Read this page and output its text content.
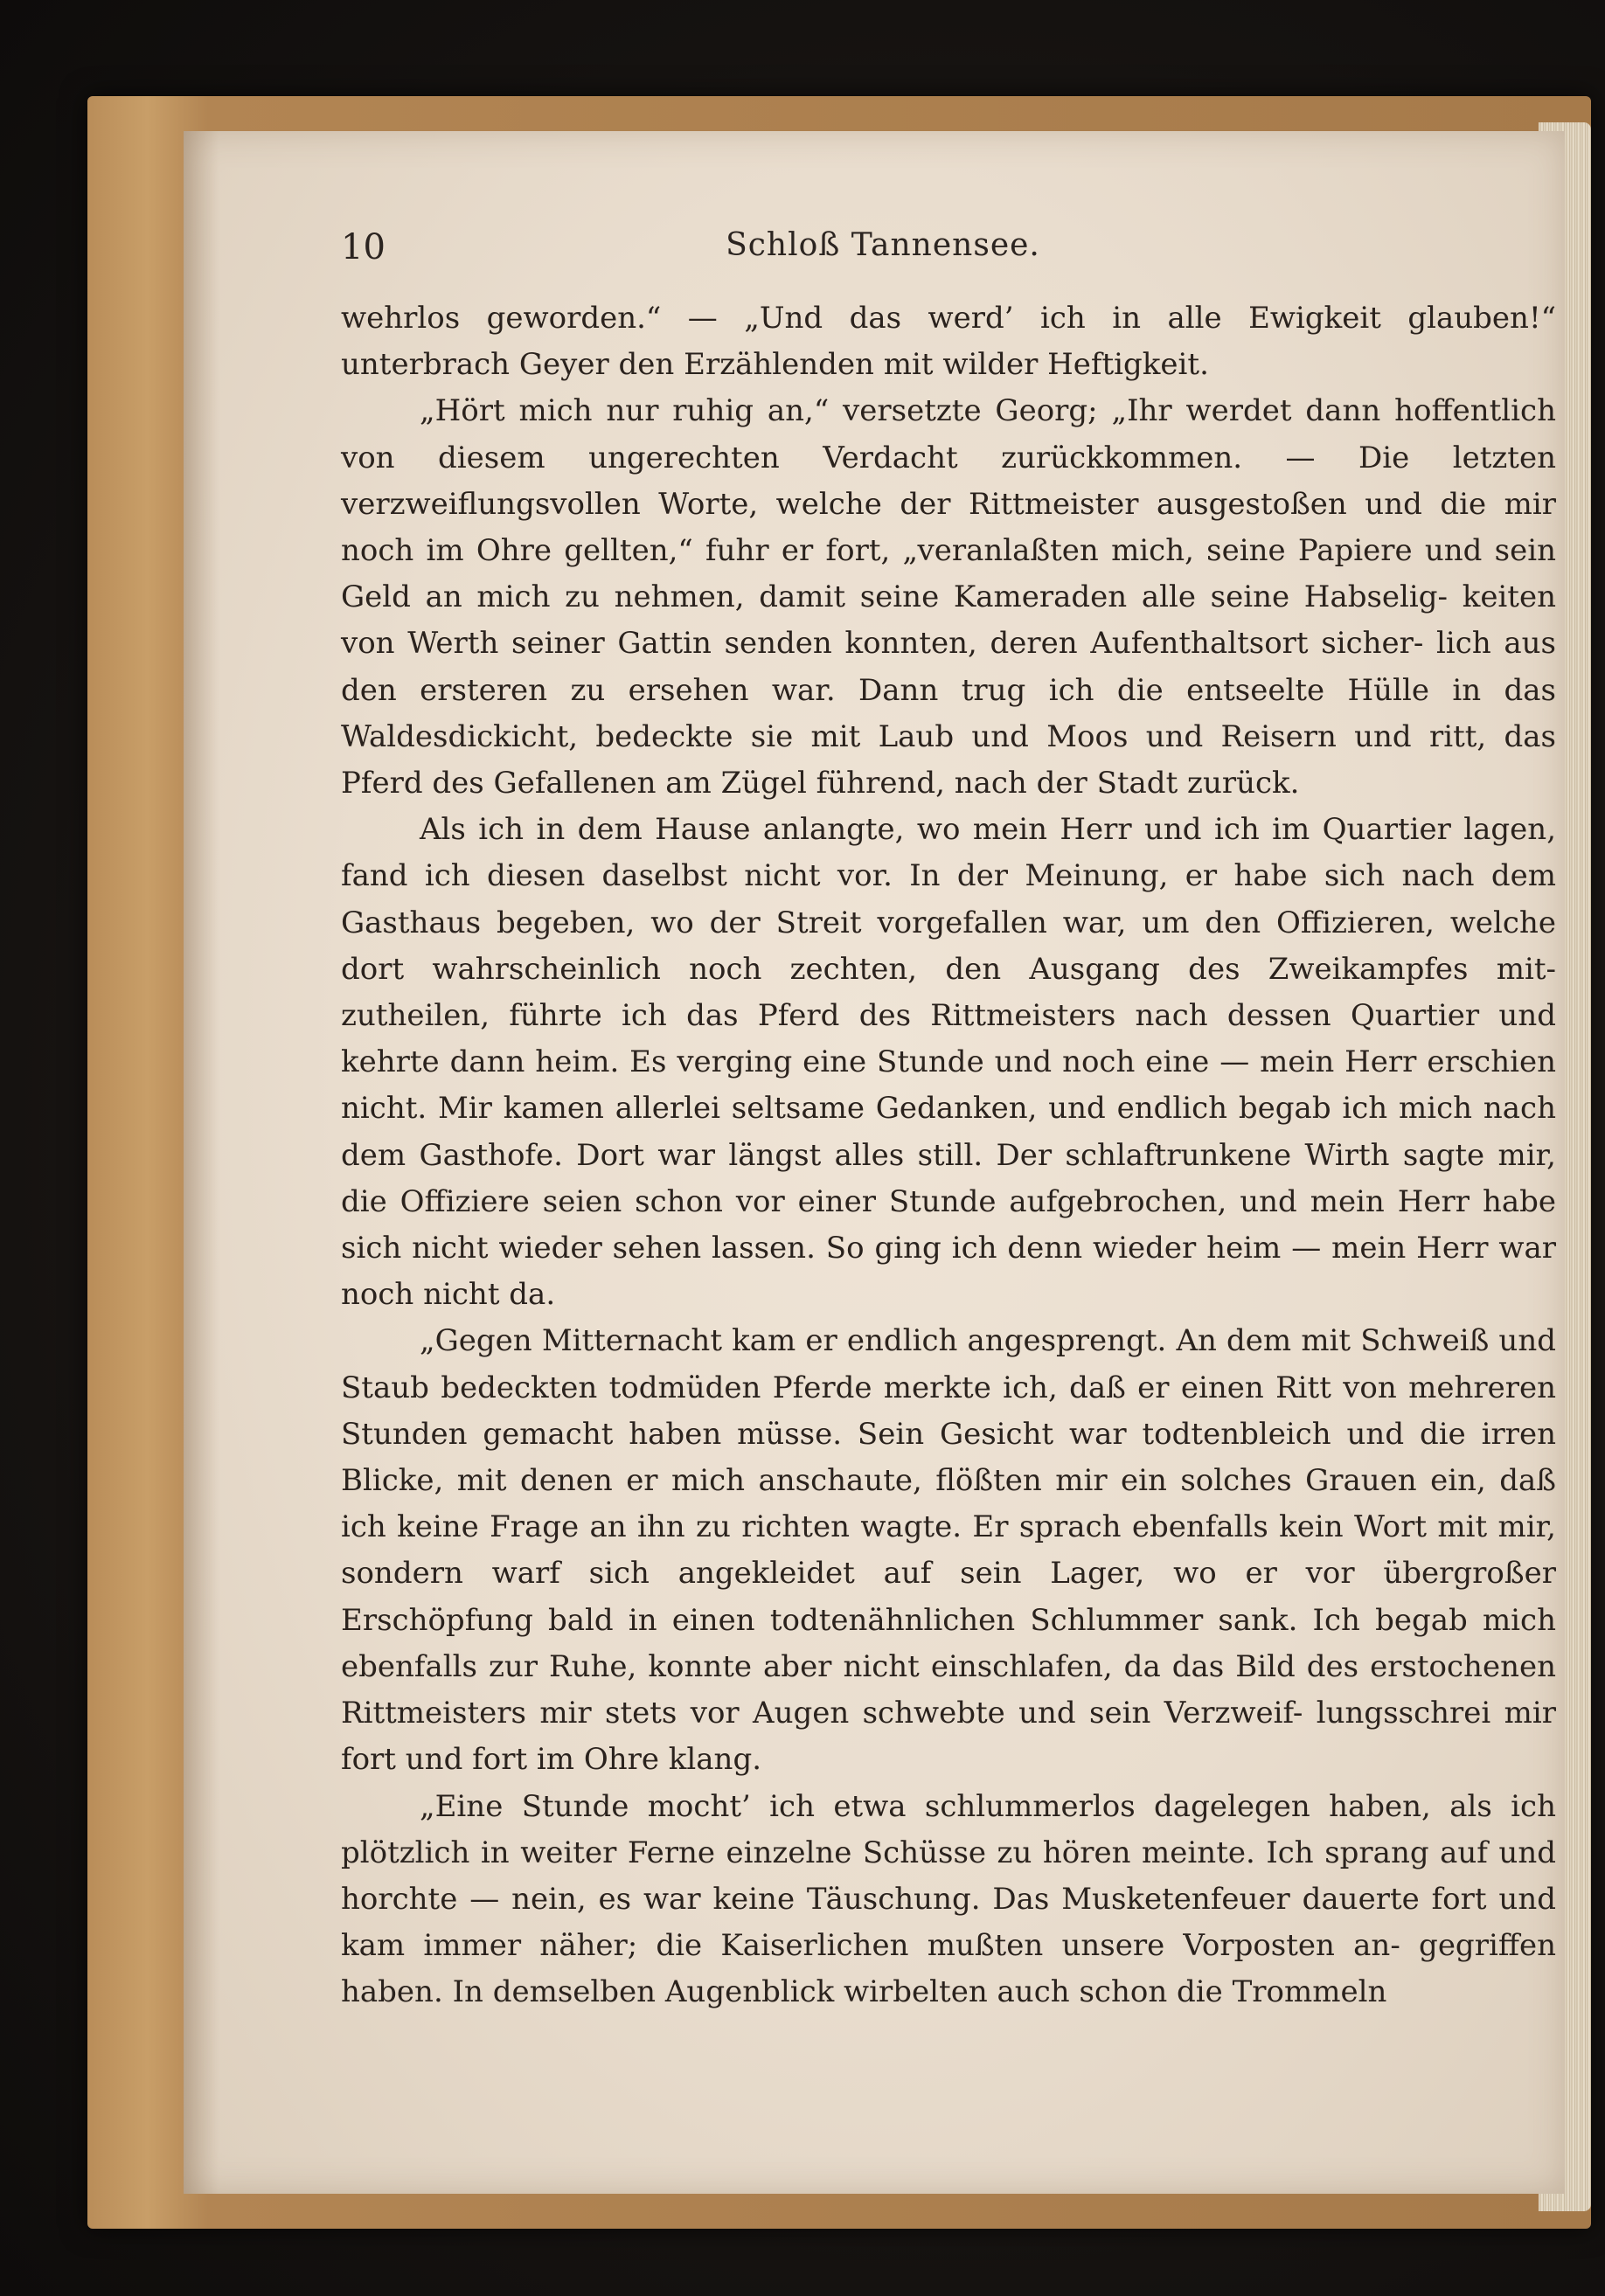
10	Schloß Tannensee.

wehrlos geworden.“ — „Und das werd’ ich in alle Ewigkeit glauben!“ unterbrach Geyer den Erzählenden mit wilder Heftigkeit.

„Hört mich nur ruhig an,“ versetzte Georg; „Ihr werdet dann hoffentlich von diesem ungerechten Verdacht zurückkommen. — Die letzten verzweiflungsvollen Worte, welche der Rittmeister ausgestoßen und die mir noch im Ohre gellten,“ fuhr er fort, „veranlaßten mich, seine Papiere und sein Geld an mich zu nehmen, damit seine Kameraden alle seine Habselig- keiten von Werth seiner Gattin senden konnten, deren Aufenthaltsort sicher- lich aus den ersteren zu ersehen war. Dann trug ich die entseelte Hülle in das Waldesdickicht, bedeckte sie mit Laub und Moos und Reisern und ritt, das Pferd des Gefallenen am Zügel führend, nach der Stadt zurück.

Als ich in dem Hause anlangte, wo mein Herr und ich im Quartier lagen, fand ich diesen daselbst nicht vor. In der Meinung, er habe sich nach dem Gasthaus begeben, wo der Streit vorgefallen war, um den Offizieren, welche dort wahrscheinlich noch zechten, den Ausgang des Zweikampfes mit- zutheilen, führte ich das Pferd des Rittmeisters nach dessen Quartier und kehrte dann heim. Es verging eine Stunde und noch eine — mein Herr erschien nicht. Mir kamen allerlei seltsame Gedanken, und endlich begab ich mich nach dem Gasthofe. Dort war längst alles still. Der schlaftrunkene Wirth sagte mir, die Offiziere seien schon vor einer Stunde aufgebrochen, und mein Herr habe sich nicht wieder sehen lassen. So ging ich denn wieder heim — mein Herr war noch nicht da.

„Gegen Mitternacht kam er endlich angesprengt. An dem mit Schweiß und Staub bedeckten todmüden Pferde merkte ich, daß er einen Ritt von mehreren Stunden gemacht haben müsse. Sein Gesicht war todtenbleich und die irren Blicke, mit denen er mich anschaute, flößten mir ein solches Grauen ein, daß ich keine Frage an ihn zu richten wagte. Er sprach ebenfalls kein Wort mit mir, sondern warf sich angekleidet auf sein Lager, wo er vor übergroßer Erschöpfung bald in einen todtenähnlichen Schlummer sank. Ich begab mich ebenfalls zur Ruhe, konnte aber nicht einschlafen, da das Bild des erstochenen Rittmeisters mir stets vor Augen schwebte und sein Verzweif- lungsschrei mir fort und fort im Ohre klang.

„Eine Stunde mocht’ ich etwa schlummerlos dagelegen haben, als ich plötzlich in weiter Ferne einzelne Schüsse zu hören meinte. Ich sprang auf und horchte — nein, es war keine Täuschung. Das Musketenfeuer dauerte fort und kam immer näher; die Kaiserlichen mußten unsere Vorposten an- gegriffen haben. In demselben Augenblick wirbelten auch schon die Trommeln
